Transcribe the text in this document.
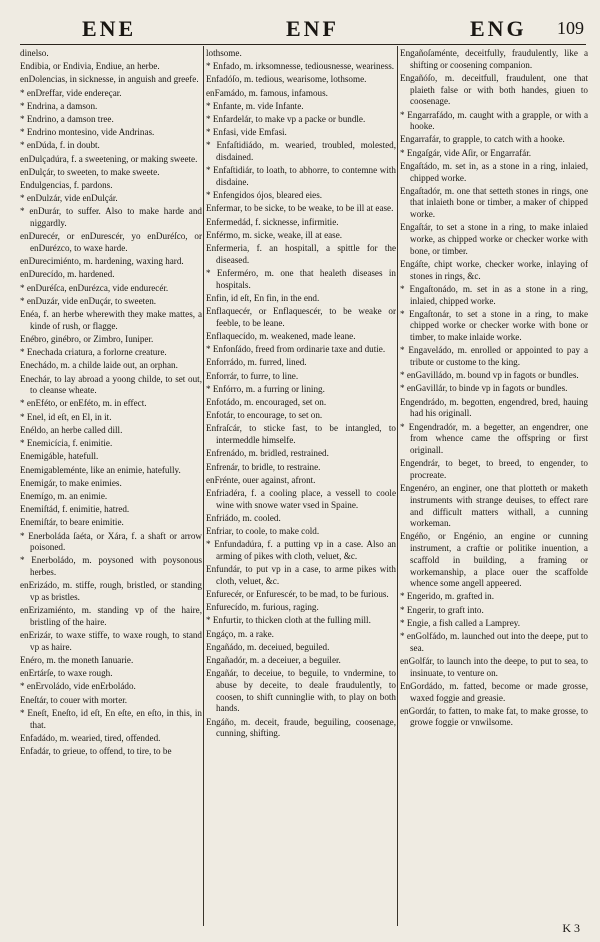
ENE	ENF	ENG 109
dinelso.
Endibia, or Endivia, Endiue, an herbe.
enDolencias, in sicknesse, in anguish and greefe.
* enDreffar, vide endereçar.
* Endrina, a damson.
* Endrino, a damson tree.
* Endrino montesino, vide Andrinas.
* enDúda, f. in doubt.
enDulçadúra, f. a sweetening, or making sweete.
enDulçár, to sweeten, to make sweete.
Endulgencias, f. pardons.
* enDulzár, vide enDulçár.
* enDurár, to suffer. Also to make harde and niggardly.
enDurecér, or enDurescér, yo enDuréſco, or enDurézco, to waxe harde.
enDurecimiénto, m. hardening, waxing hard.
enDurecído, m. hardened.
* enDuréſca, enDurézca, vide endurecér.
* enDuzár, vide enDuçár, to sweeten.
Enéa, f. an herbe wherewith they make mattes, a kinde of rush, or flagge.
Enébro, ginébro, or Zimbro, Iuniper.
* Enechada criatura, a forlorne creature.
Enechádo, m. a childe laide out, an orphan.
Enechár, to lay abroad a yoong childe, to set out, to cleanse wheate.
* enEféto, or enEféto, m. in effect.
* Enel, id eſt, en El, in it.
Enéldo, an herbe called dill.
* Enemicícia, f. enimitie.
Enemigáble, hatefull.
Enemigableménte, like an enimie, hatefully.
Enemigár, to make enimies.
Enemígo, m. an enimie.
Enemiſtád, f. enimitie, hatred.
Enemiſtár, to beare enimitie.
* Enerboláda ſaéta, or Xára, f. a shaft or arrow poisoned.
* Enerboládo, m. poysoned with poysonous herbes.
enErizádo, m. stiffe, rough, bristled, or standing vp as bristles.
enErizamiénto, m. standing vp of the haire, bristling of the haire.
enErizár, to waxe stiffe, to waxe rough, to stand vp as haire.
Enéro, m. the moneth Ianuarie.
enErtárſe, to waxe rough.
* enErvoládo, vide enErboládo.
Eneſtár, to couer with morter.
* Eneſt, Eneſto, id eſt, En eſte, en eſto, in this, in that.
Enfadádo, m. wearied, tired, offended.
Enfadár, to grieue, to offend, to tire, to be
lothsome.
* Enfado, m. irksomnesse, tediousnesse, weariness.
Enfadóſo, m. tedious, wearisome, lothsome.
enFamádo, m. famous, infamous.
* Enfante, m. vide Infante.
* Enfardelár, to make vp a packe or bundle.
* Enfasi, vide Emfasi.
* Enfaſtidiádo, m. wearied, troubled, molested, disdained.
* Enfaſtidiár, to loath, to abhorre, to contemne with disdaine.
* Enfengidos ójos, bleared eies.
Enfermar, to be sicke, to be weake, to be ill at ease.
Enfermedád, f. sicknesse, infirmitie.
Enférmo, m. sicke, weake, ill at ease.
Enfermeria, f. an hospitall, a spittle for the diseased.
* Enferméro, m. one that healeth diseases in hospitals.
Enfin, id eſt, En fin, in the end.
Enflaquecér, or Enflaquescér, to be weake or feeble, to be leane.
Enflaquecído, m. weakened, made leane.
* Enfonſádo, freed from ordinarie taxe and dutie.
Enforrádo, m. furred, lined.
Enforrár, to furre, to line.
* Enfórro, m. a furring or lining.
Enfotádo, m. encouraged, set on.
Enfotár, to encourage, to set on.
Enfraſcár, to sticke fast, to be intangled, to intermeddle himselfe.
Enfrenádo, m. bridled, restrained.
Enfrenár, to bridle, to restraine.
enFrénte, ouer against, afront.
Enfriadéra, f. a cooling place, a vessell to coole wine with snowe water vsed in Spaine.
Enfriádo, m. cooled.
Enfriar, to coole, to make cold.
* Enfundadúra, f. a putting vp in a case. Also an arming of pikes with cloth, veluet, &c.
Enfundár, to put vp in a case, to arme pikes with cloth, veluet, &c.
Enfurecér, or Enfurescér, to be mad, to be furious.
Enfurecído, m. furious, raging.
* Enfurtir, to thicken cloth at the fulling mill.
Engáço, m. a rake.
Engañádo, m. deceiued, beguiled.
Engañadór, m. a deceiuer, a beguiler.
Engañár, to deceiue, to beguile, to vndermine, to abuse by deceite, to deale fraudulently, to coosen, to shift cunninglie with, to play on both hands.
Engáño, m. deceit, fraude, beguiling, coosenage, cunning, shifting.
Engañoſaménte, deceitfully, fraudulently, like a shifting or coosening companion.
Engañóſo, m. deceitfull, fraudulent, one that plaieth false or with both handes, giuen to coosenage.
* Engarrafádo, m. caught with a grapple, or with a hooke.
Engarrafár, to grapple, to catch with a hooke.
* Engaſgár, vide Aſir, or Engarrafár.
Engaſtádo, m. set in, as a stone in a ring, inlaied, chipped worke.
Engaſtadór, m. one that setteth stones in rings, one that inlaieth bone or timber, a maker of chipped worke.
Engaſtár, to set a stone in a ring, to make inlaied worke, as chipped worke or checker worke with bone, or timber.
Engáſte, chipt worke, checker worke, inlaying of stones in rings, &c.
* Engaſtonádo, m. set in as a stone in a ring, inlaied, chipped worke.
* Engaſtonár, to set a stone in a ring, to make chipped worke or checker worke with bone or timber, to make inlaide worke.
* Engaveládo, m. enrolled or appointed to pay a tribute or custome to the king.
* enGavilládo, m. bound vp in fagots or bundles.
* enGavillár, to binde vp in fagots or bundles.
Engendrádo, m. begotten, engendred, bred, hauing had his originall.
* Engendradór, m. a begetter, an engendrer, one from whence came the offspring or first originall.
Engendrár, to beget, to breed, to engender, to procreate.
Engenéro, an enginer, one that plotteth or maketh instruments with strange deuises, to effect rare and difficult matters withall, a cunning workeman.
Engéño, or Engénio, an engine or cunning instrument, a craftie or politike inuention, a scaffold in building, a framing or workemanship, a place ouer the scaffolde whence some angell appeered.
* Engerido, m. grafted in.
* Engerir, to graft into.
* Engie, a fish called a Lamprey.
* enGolfádo, m. launched out into the deepe, put to sea.
enGolfár, to launch into the deepe, to put to sea, to insinuate, to venture on.
EnGordádo, m. fatted, become or made grosse, waxed foggie and greasie.
enGordár, to fatten, to make fat, to make grosse, to growe foggie or vnwilsome.
K 3
